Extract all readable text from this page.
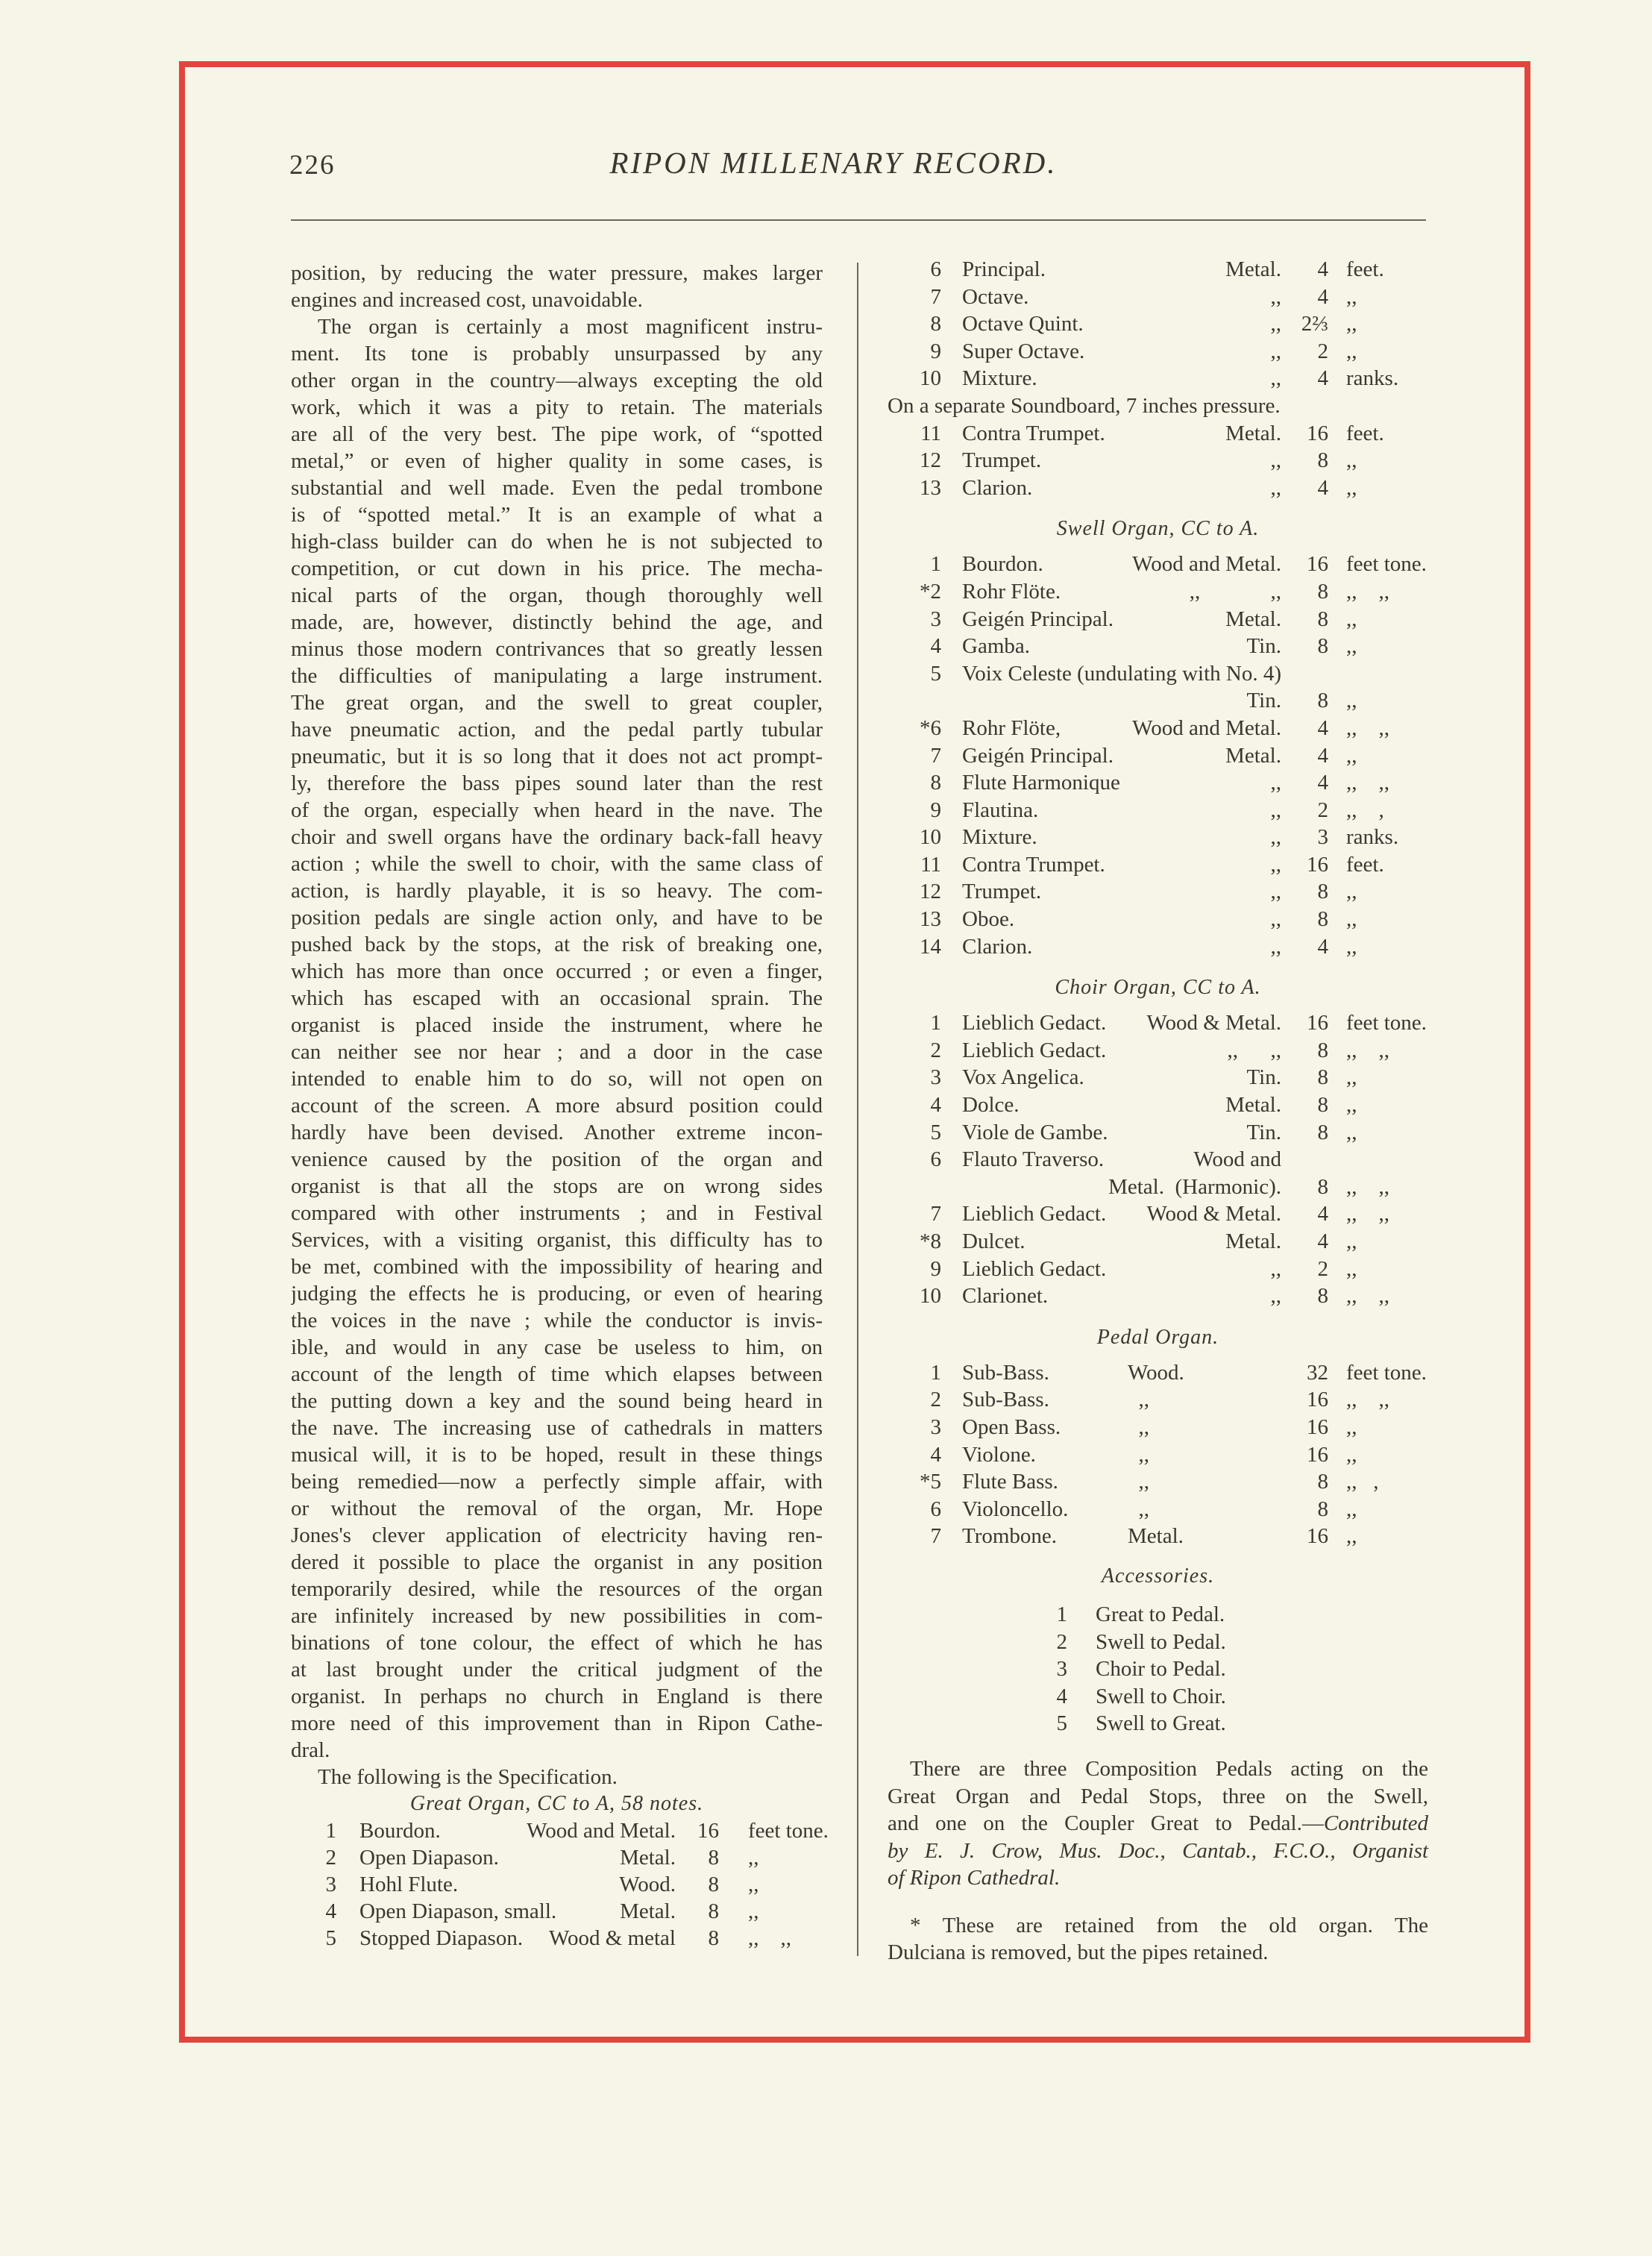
226	RIPON MILLENARY RECORD.
position, by reducing the water pressure, makes larger
engines and increased cost, unavoidable.
The organ is certainly a most magnificent instru-
ment. Its tone is probably unsurpassed by any
other organ in the country—always excepting the old
work, which it was a pity to retain. The materials
are all of the very best. The pipe work, of “spotted
metal,” or even of higher quality in some cases, is
substantial and well made. Even the pedal trombone
is of “spotted metal.” It is an example of what a
high-class builder can do when he is not subjected to
competition, or cut down in his price. The mecha-
nical parts of the organ, though thoroughly well
made, are, however, distinctly behind the age, and
minus those modern contrivances that so greatly lessen
the difficulties of manipulating a large instrument.
The great organ, and the swell to great coupler,
have pneumatic action, and the pedal partly tubular
pneumatic, but it is so long that it does not act prompt-
ly, therefore the bass pipes sound later than the rest
of the organ, especially when heard in the nave. The
choir and swell organs have the ordinary back-fall heavy
action ; while the swell to choir, with the same class of
action, is hardly playable, it is so heavy. The com-
position pedals are single action only, and have to be
pushed back by the stops, at the risk of breaking one,
which has more than once occurred ; or even a finger,
which has escaped with an occasional sprain. The
organist is placed inside the instrument, where he
can neither see nor hear ; and a door in the case
intended to enable him to do so, will not open on
account of the screen. A more absurd position could
hardly have been devised. Another extreme incon-
venience caused by the position of the organ and
organist is that all the stops are on wrong sides
compared with other instruments ; and in Festival
Services, with a visiting organist, this difficulty has to
be met, combined with the impossibility of hearing and
judging the effects he is producing, or even of hearing
the voices in the nave ; while the conductor is invis-
ible, and would in any case be useless to him, on
account of the length of time which elapses between
the putting down a key and the sound being heard in
the nave. The increasing use of cathedrals in matters
musical will, it is to be hoped, result in these things
being remedied—now a perfectly simple affair, with
or without the removal of the organ, Mr. Hope
Jones's clever application of electricity having ren-
dered it possible to place the organist in any position
temporarily desired, while the resources of the organ
are infinitely increased by new possibilities in com-
binations of tone colour, the effect of which he has
at last brought under the critical judgment of the
organist. In perhaps no church in England is there
more need of this improvement than in Ripon Cathe-
dral.
The following is the Specification.
Great Organ, CC to A, 58 notes.
1 Bourdon.	Wood and Metal. 16 feet tone.
2 Open Diapason.	Metal. 8 ,,
3 Hohl Flute.	Wood. 8 ,,
4 Open Diapason, small.	Metal. 8 ,,
5 Stopped Diapason. Wood & metal 8 ,,    ,,
6 Principal.	Metal. 4 feet.
7 Octave.	,, 4 ,,
8 Octave Quint.	,, 2⅔ ,,
9 Super Octave.	,, 2 ,,
10 Mixture.	,, 4 ranks.
On a separate Soundboard, 7 inches pressure.
11 Contra Trumpet.	Metal. 16 feet.
12 Trumpet.	,, 8 ,,
13 Clarion.	,, 4 ,,
Swell Organ, CC to A.
1 Bourdon.	Wood and Metal. 16 feet tone.
*2 Rohr Flöte.	,,             ,, 8 ,,    ,,
3 Geigén Principal.	Metal. 8 ,,
4 Gamba.	Tin. 8 ,,
5 Voix Celeste (undulating with No. 4)
Tin. 8 ,,
*6 Rohr Flöte,	Wood and Metal. 4 ,,    ,,
7 Geigén Principal.	Metal. 4 ,,
8 Flute Harmonique	,, 4 ,,    ,,
9 Flautina.	,, 2 ,,    ,
10 Mixture.	,, 3 ranks.
11 Contra Trumpet.	,, 16 feet.
12 Trumpet.	,, 8 ,,
13 Oboe.	,, 8 ,,
14 Clarion.	,, 4 ,,
Choir Organ, CC to A.
1 Lieblich Gedact. Wood & Metal. 16 feet tone.
2 Lieblich Gedact.	,,      ,, 8 ,,    ,,
3 Vox Angelica.	Tin. 8 ,,
4 Dolce.	Metal. 8 ,,
5 Viole de Gambe.	Tin. 8 ,,
6 Flauto Traverso.	Wood and
Metal.  (Harmonic). 8 ,,    ,,
7 Lieblich Gedact. Wood & Metal. 4 ,,    ,,
*8 Dulcet.	Metal. 4 ,,
9 Lieblich Gedact.	,, 2 ,,
10 Clarionet.	,, 8 ,,    ,,
Pedal Organ.
1 Sub-Bass.	Wood.	32 feet tone.
2 Sub-Bass.	,,	16 ,,    ,,
3 Open Bass.	,,	16 ,,
4 Violone.	,,	16 ,,
*5 Flute Bass.	,,	8 ,,   ,
6 Violoncello.	,,	8 ,,
7 Trombone.	Metal.	16 ,,
Accessories.
1 Great to Pedal.
2 Swell to Pedal.
3 Choir to Pedal.
4 Swell to Choir.
5 Swell to Great.
There are three Composition Pedals acting on the
Great Organ and Pedal Stops, three on the Swell,
and one on the Coupler Great to Pedal.—Contributed
by E. J. Crow, Mus. Doc., Cantab., F.C.O., Organist
of Ripon Cathedral.
* These are retained from the old organ. The
Dulciana is removed, but the pipes retained.
